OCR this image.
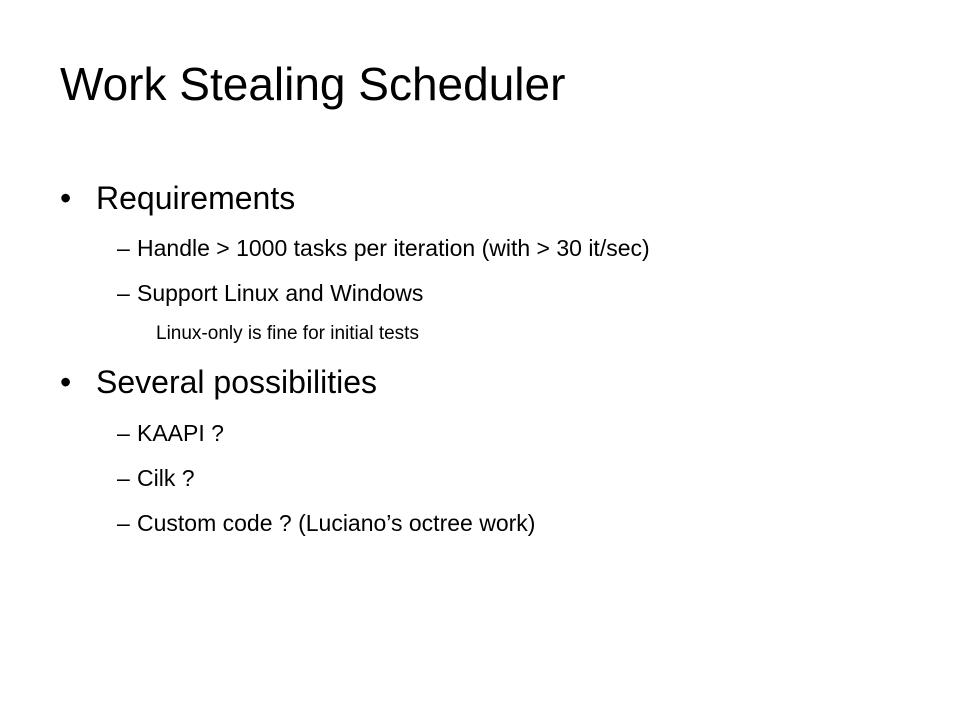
Work Stealing Scheduler
• Requirements
– Handle > 1000 tasks per iteration (with > 30 it/sec)
– Support Linux and Windows
Linux-only is fine for initial tests
• Several possibilities
– KAAPI ?
– Cilk ?
– Custom code ? (Luciano’s octree work)
